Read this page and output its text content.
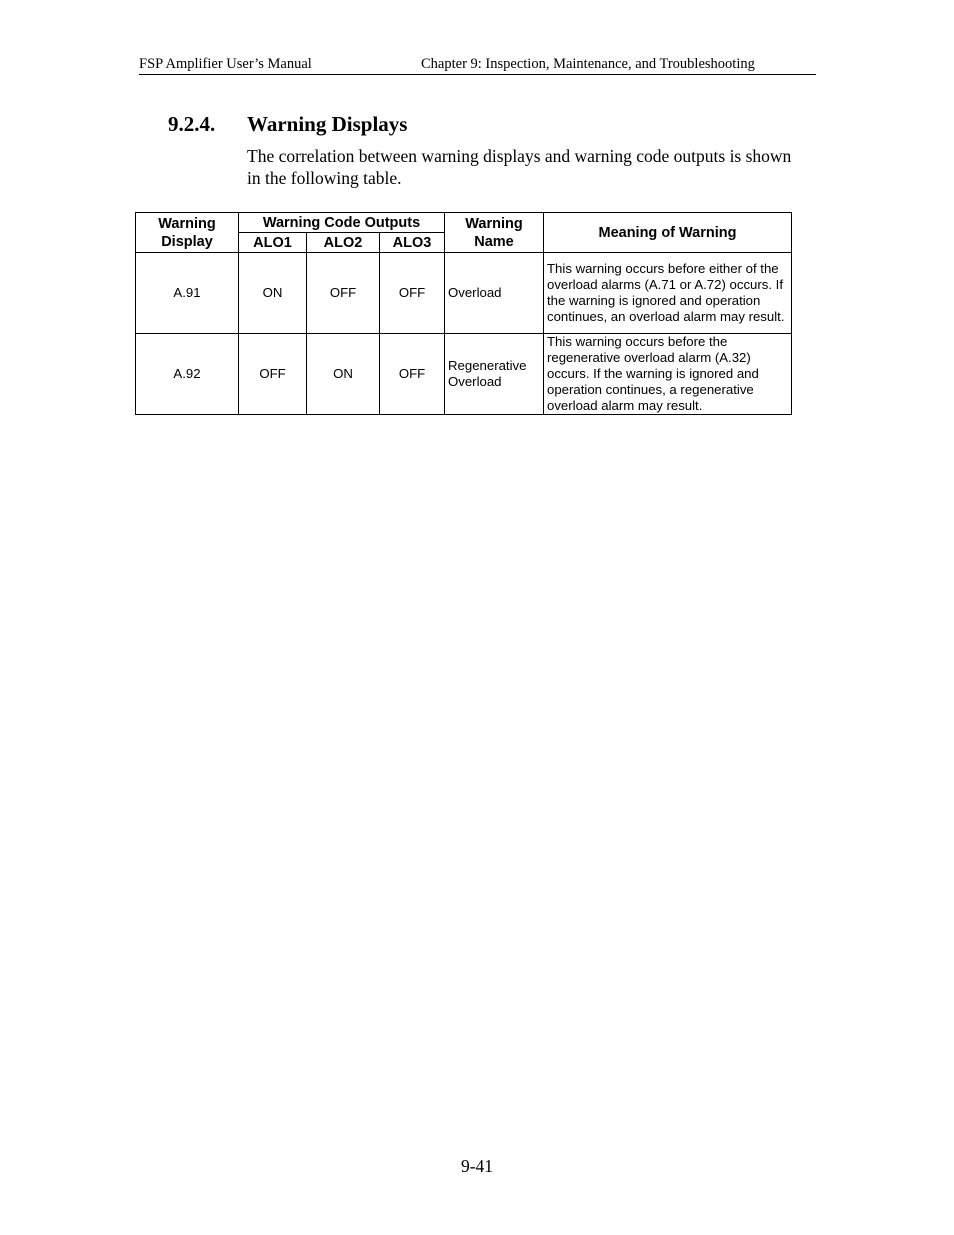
FSP Amplifier User’s Manual	Chapter 9: Inspection, Maintenance, and Troubleshooting
9.2.4. Warning Displays
The correlation between warning displays and warning code outputs is shown in the following table.
Warning Display	Warning Code Outputs			Warning Name	Meaning of Warning
	ALO1	ALO2	ALO3		
A.91	ON	OFF	OFF	Overload	This warning occurs before either of the overload alarms (A.71 or A.72) occurs. If the warning is ignored and operation continues, an overload alarm may result.
A.92	OFF	ON	OFF	Regenerative Overload	This warning occurs before the regenerative overload alarm (A.32) occurs. If the warning is ignored and operation continues, a regenerative overload alarm may result.
9-41
